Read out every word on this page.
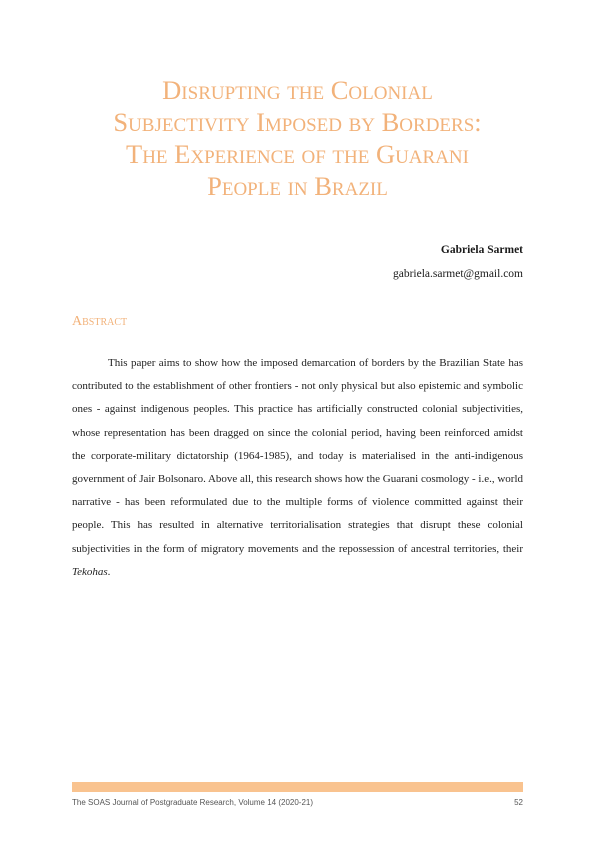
Disrupting the Colonial
Subjectivity Imposed by Borders:
The Experience of the Guarani
People in Brazil
Gabriela Sarmet
gabriela.sarmet@gmail.com
Abstract

This paper aims to show how the imposed demarcation of borders by the Brazilian State has contributed to the establishment of other frontiers - not only physical but also epistemic and symbolic ones - against indigenous peoples. This practice has artificially constructed colonial subjectivities, whose representation has been dragged on since the colonial period, having been reinforced amidst the corporate-military dictatorship (1964-1985), and today is materialised in the anti-indigenous government of Jair Bolsonaro. Above all, this research shows how the Guarani cosmology - i.e., world narrative - has been reformulated due to the multiple forms of violence committed against their people. This has resulted in alternative territorialisation strategies that disrupt these colonial subjectivities in the form of migratory movements and the repossession of ancestral territories, their Tekohas.

The SOAS Journal of Postgraduate Research, Volume 14 (2020-21)	52
